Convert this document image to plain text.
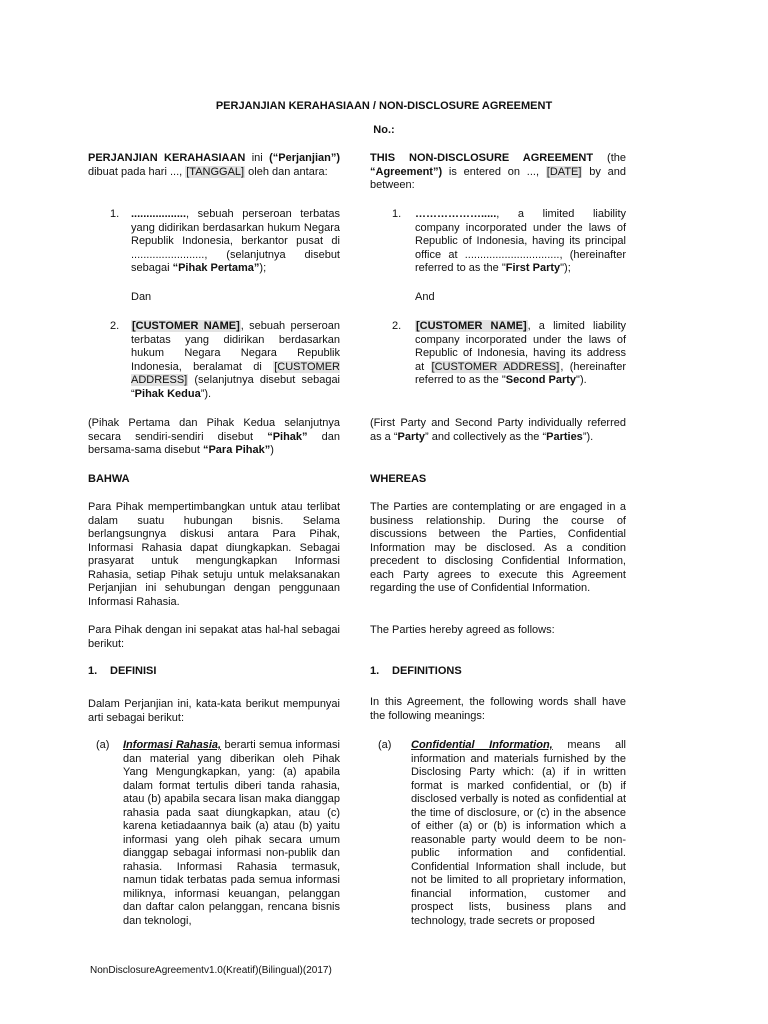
PERJANJIAN KERAHASIAAN / NON-DISCLOSURE AGREEMENT
No.:
PERJANJIAN KERAHASIAAN ini (“Perjanjian”) dibuat pada hari ..., [TANGGAL] oleh dan antara:
1.	.................., sebuah perseroan terbatas yang didirikan berdasarkan hukum Negara Republik Indonesia, berkantor pusat di ........................, (selanjutnya disebut sebagai “Pihak Pertama”);
Dan
2.	[CUSTOMER NAME], sebuah perseroan terbatas yang didirikan berdasarkan hukum Negara Negara Republik Indonesia, beralamat di [CUSTOMER ADDRESS] (selanjutnya disebut sebagai “Pihak Kedua”).
(Pihak Pertama dan Pihak Kedua selanjutnya secara sendiri-sendiri disebut “Pihak” dan bersama-sama disebut “Para Pihak”)
BAHWA
Para Pihak mempertimbangkan untuk atau terlibat dalam suatu hubungan bisnis. Selama berlangsungnya diskusi antara Para Pihak, Informasi Rahasia dapat diungkapkan. Sebagai prasyarat untuk mengungkapkan Informasi Rahasia, setiap Pihak setuju untuk melaksanakan Perjanjian ini sehubungan dengan penggunaan Informasi Rahasia.
Para Pihak dengan ini sepakat atas hal-hal sebagai berikut:
1.	DEFINISI
Dalam Perjanjian ini, kata-kata berikut mempunyai arti sebagai berikut:
(a) Informasi Rahasia, berarti semua informasi dan material yang diberikan oleh Pihak Yang Mengungkapkan, yang: (a) apabila dalam format tertulis diberi tanda rahasia, atau (b) apabila secara lisan maka dianggap rahasia pada saat diungkapkan, atau (c) karena ketiadaannya baik (a) atau (b) yaitu informasi yang oleh pihak secara umum dianggap sebagai informasi non-publik dan rahasia. Informasi Rahasia termasuk, namun tidak terbatas pada semua informasi miliknya, informasi keuangan, pelanggan dan daftar calon pelanggan, rencana bisnis dan teknologi,
THIS NON-DISCLOSURE AGREEMENT (the “Agreement”) is entered on ..., [DATE] by and between:
1.	………………....., a limited liability company incorporated under the laws of Republic of Indonesia, having its principal office at ..............................., (hereinafter referred to as the "First Party");
And
2.	[CUSTOMER NAME], a limited liability company incorporated under the laws of Republic of Indonesia, having its address at [CUSTOMER ADDRESS], (hereinafter referred to as the "Second Party").
(First Party and Second Party individually referred as a “Party” and collectively as the “Parties”).
WHEREAS
The Parties are contemplating or are engaged in a business relationship. During the course of discussions between the Parties, Confidential Information may be disclosed. As a condition precedent to disclosing Confidential Information, each Party agrees to execute this Agreement regarding the use of Confidential Information.
The Parties hereby agreed as follows:
1.	DEFINITIONS
In this Agreement, the following words shall have the following meanings:
(a) Confidential Information, means all information and materials furnished by the Disclosing Party which: (a) if in written format is marked confidential, or (b) if disclosed verbally is noted as confidential at the time of disclosure, or (c) in the absence of either (a) or (b) is information which a reasonable party would deem to be non-public information and confidential. Confidential Information shall include, but not be limited to all proprietary information, financial information, customer and prospect lists, business plans and technology, trade secrets or proposed
NonDisclosureAgreementv1.0(Kreatif)(Bilingual)(2017)
